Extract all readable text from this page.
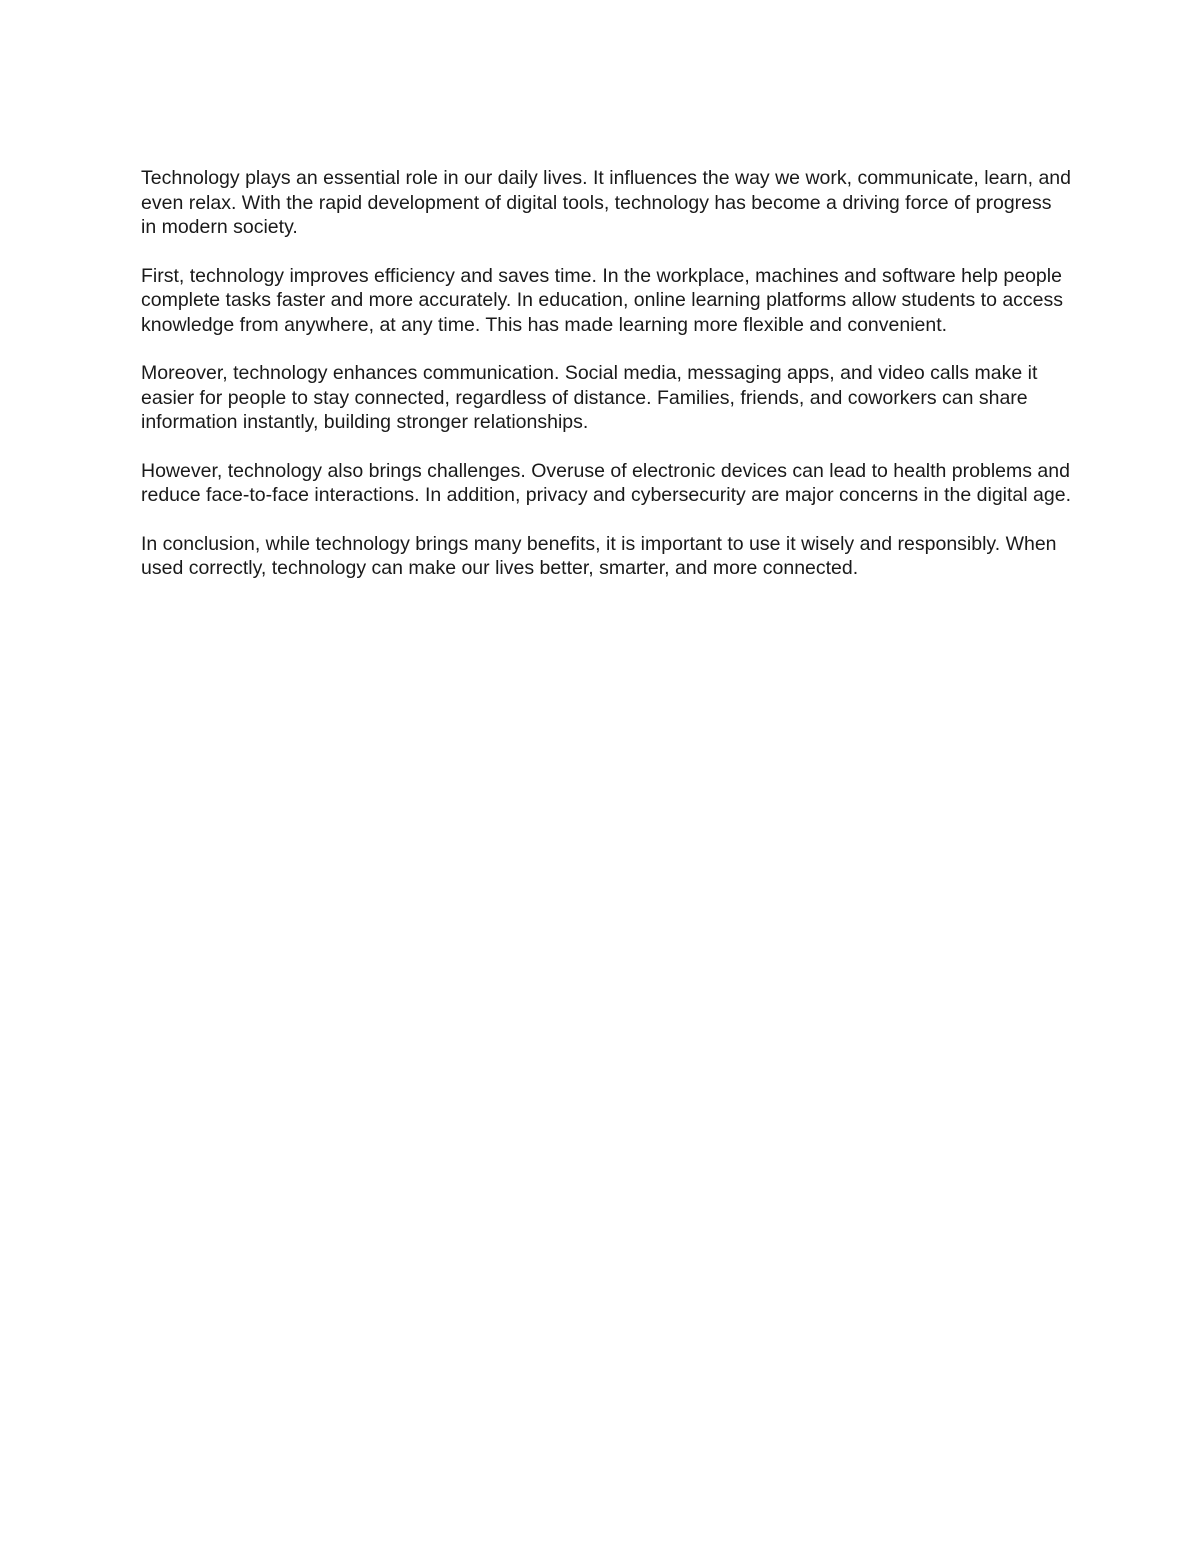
Technology plays an essential role in our daily lives. It influences the way we work, communicate, learn, and even relax. With the rapid development of digital tools, technology has become a driving force of progress in modern society.

First, technology improves efficiency and saves time. In the workplace, machines and software help people complete tasks faster and more accurately. In education, online learning platforms allow students to access knowledge from anywhere, at any time. This has made learning more flexible and convenient.

Moreover, technology enhances communication. Social media, messaging apps, and video calls make it easier for people to stay connected, regardless of distance. Families, friends, and coworkers can share information instantly, building stronger relationships.

However, technology also brings challenges. Overuse of electronic devices can lead to health problems and reduce face-to-face interactions. In addition, privacy and cybersecurity are major concerns in the digital age.

In conclusion, while technology brings many benefits, it is important to use it wisely and responsibly. When used correctly, technology can make our lives better, smarter, and more connected.
